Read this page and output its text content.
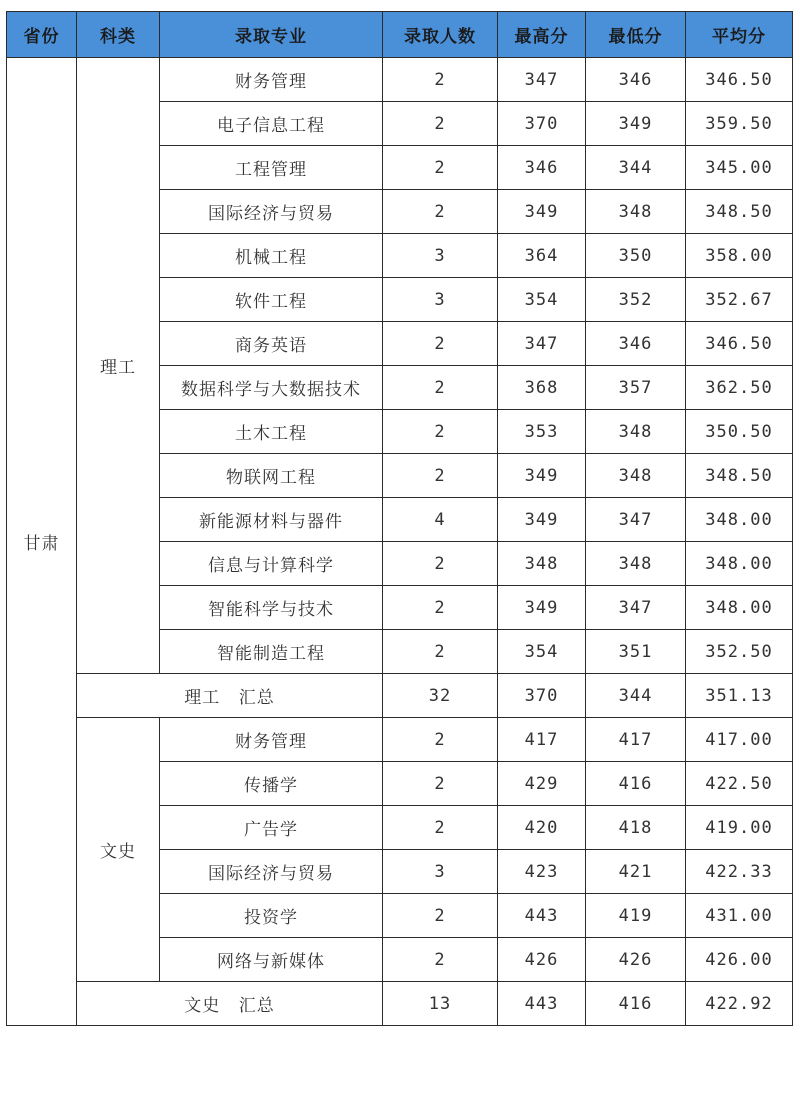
省份	科类	录取专业	录取人数	最高分	最低分	平均分
甘肃	理工	财务管理	2	347	346	346.50
		电子信息工程	2	370	349	359.50
		工程管理	2	346	344	345.00
		国际经济与贸易	2	349	348	348.50
		机械工程	3	364	350	358.00
		软件工程	3	354	352	352.67
		商务英语	2	347	346	346.50
		数据科学与大数据技术	2	368	357	362.50
		土木工程	2	353	348	350.50
		物联网工程	2	349	348	348.50
		新能源材料与器件	4	349	347	348.00
		信息与计算科学	2	348	348	348.00
		智能科学与技术	2	349	347	348.00
		智能制造工程	2	354	351	352.50
	理工 汇总		32	370	344	351.13
	文史	财务管理	2	417	417	417.00
		传播学	2	429	416	422.50
		广告学	2	420	418	419.00
		国际经济与贸易	3	423	421	422.33
		投资学	2	443	419	431.00
		网络与新媒体	2	426	426	426.00
	文史 汇总		13	443	416	422.92
